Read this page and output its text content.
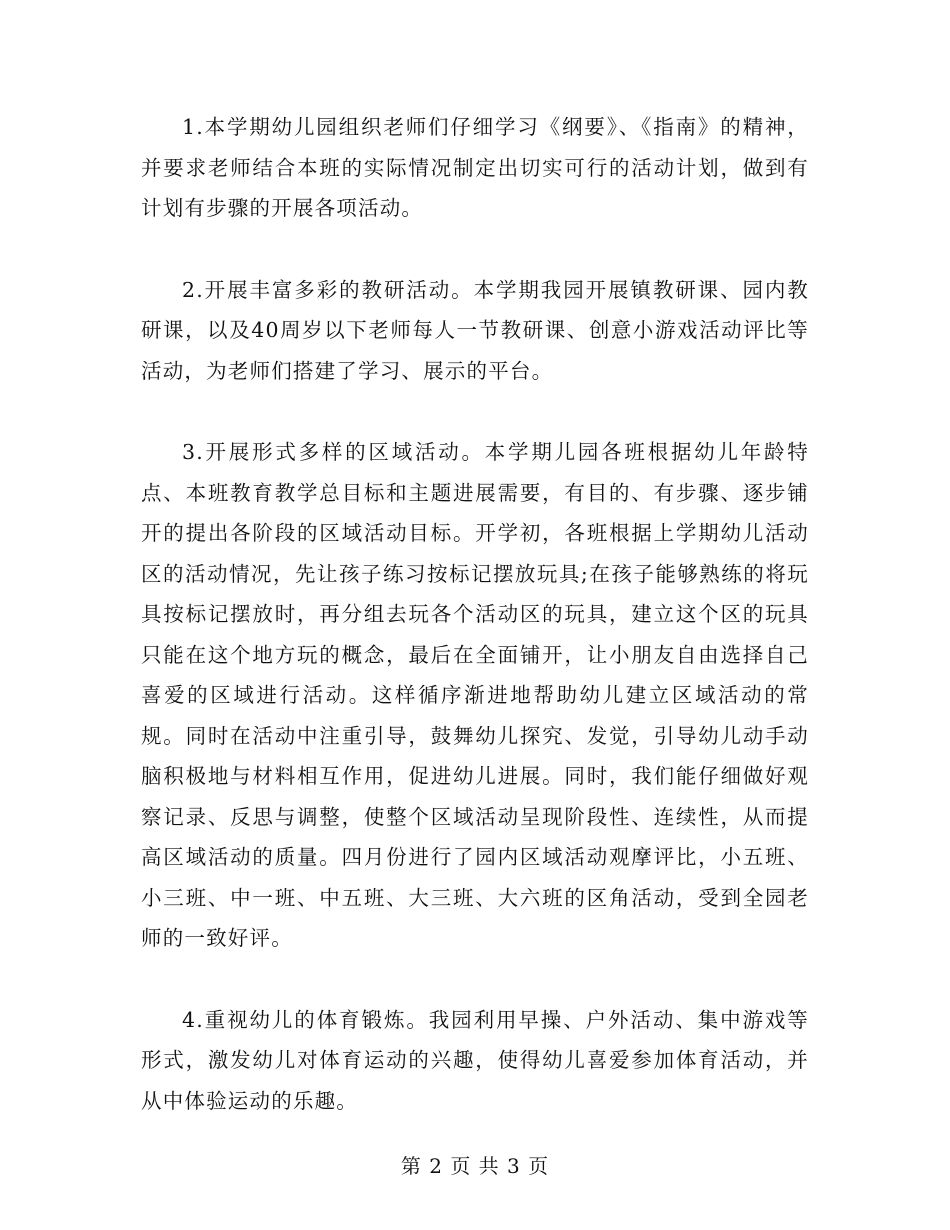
1.本学期幼儿园组织老师们仔细学习《纲要》、《指南》的精神，并要求老师结合本班的实际情况制定出切实可行的活动计划，做到有计划有步骤的开展各项活动。

2.开展丰富多彩的教研活动。本学期我园开展镇教研课、园内教研课，以及40周岁以下老师每人一节教研课、创意小游戏活动评比等活动，为老师们搭建了学习、展示的平台。

3.开展形式多样的区域活动。本学期儿园各班根据幼儿年龄特点、本班教育教学总目标和主题进展需要，有目的、有步骤、逐步铺开的提出各阶段的区域活动目标。开学初，各班根据上学期幼儿活动区的活动情况，先让孩子练习按标记摆放玩具;在孩子能够熟练的将玩具按标记摆放时，再分组去玩各个活动区的玩具，建立这个区的玩具只能在这个地方玩的概念，最后在全面铺开，让小朋友自由选择自己喜爱的区域进行活动。这样循序渐进地帮助幼儿建立区域活动的常规。同时在活动中注重引导，鼓舞幼儿探究、发觉，引导幼儿动手动脑积极地与材料相互作用，促进幼儿进展。同时，我们能仔细做好观察记录、反思与调整，使整个区域活动呈现阶段性、连续性，从而提高区域活动的质量。四月份进行了园内区域活动观摩评比，小五班、小三班、中一班、中五班、大三班、大六班的区角活动，受到全园老师的一致好评。

4.重视幼儿的体育锻炼。我园利用早操、户外活动、集中游戏等形式，激发幼儿对体育运动的兴趣，使得幼儿喜爱参加体育活动，并从中体验运动的乐趣。

第 2 页 共 3 页
